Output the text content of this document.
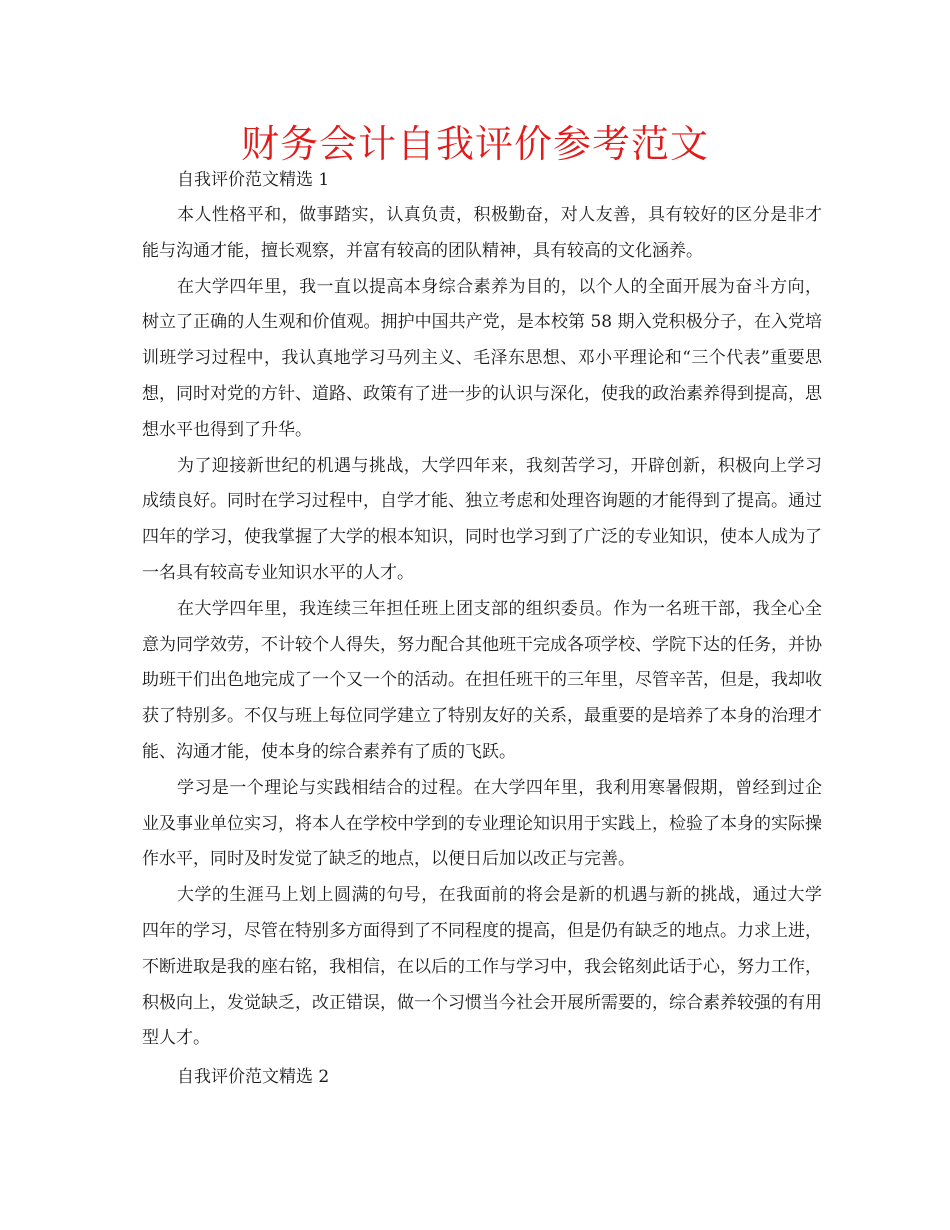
财务会计自我评价参考范文

自我评价范文精选 1

本人性格平和，做事踏实，认真负责，积极勤奋，对人友善，具有较好的区分是非才能与沟通才能，擅长观察，并富有较高的团队精神，具有较高的文化涵养。

在大学四年里，我一直以提高本身综合素养为目的，以个人的全面开展为奋斗方向，树立了正确的人生观和价值观。拥护中国共产党，是本校第 58 期入党积极分子，在入党培训班学习过程中，我认真地学习马列主义、毛泽东思想、邓小平理论和“三个代表”重要思想，同时对党的方针、道路、政策有了进一步的认识与深化，使我的政治素养得到提高，思想水平也得到了升华。

为了迎接新世纪的机遇与挑战，大学四年来，我刻苦学习，开辟创新，积极向上学习成绩良好。同时在学习过程中，自学才能、独立考虑和处理咨询题的才能得到了提高。通过四年的学习，使我掌握了大学的根本知识，同时也学习到了广泛的专业知识，使本人成为了一名具有较高专业知识水平的人才。

在大学四年里，我连续三年担任班上团支部的组织委员。作为一名班干部，我全心全意为同学效劳，不计较个人得失，努力配合其他班干完成各项学校、学院下达的任务，并协助班干们出色地完成了一个又一个的活动。在担任班干的三年里，尽管辛苦，但是，我却收获了特别多。不仅与班上每位同学建立了特别友好的关系，最重要的是培养了本身的治理才能、沟通才能，使本身的综合素养有了质的飞跃。

学习是一个理论与实践相结合的过程。在大学四年里，我利用寒暑假期，曾经到过企业及事业单位实习，将本人在学校中学到的专业理论知识用于实践上，检验了本身的实际操作水平，同时及时发觉了缺乏的地点，以便日后加以改正与完善。

大学的生涯马上划上圆满的句号，在我面前的将会是新的机遇与新的挑战，通过大学四年的学习，尽管在特别多方面得到了不同程度的提高，但是仍有缺乏的地点。力求上进，不断进取是我的座右铭，我相信，在以后的工作与学习中，我会铭刻此话于心，努力工作，积极向上，发觉缺乏，改正错误，做一个习惯当今社会开展所需要的，综合素养较强的有用型人才。

自我评价范文精选 2
